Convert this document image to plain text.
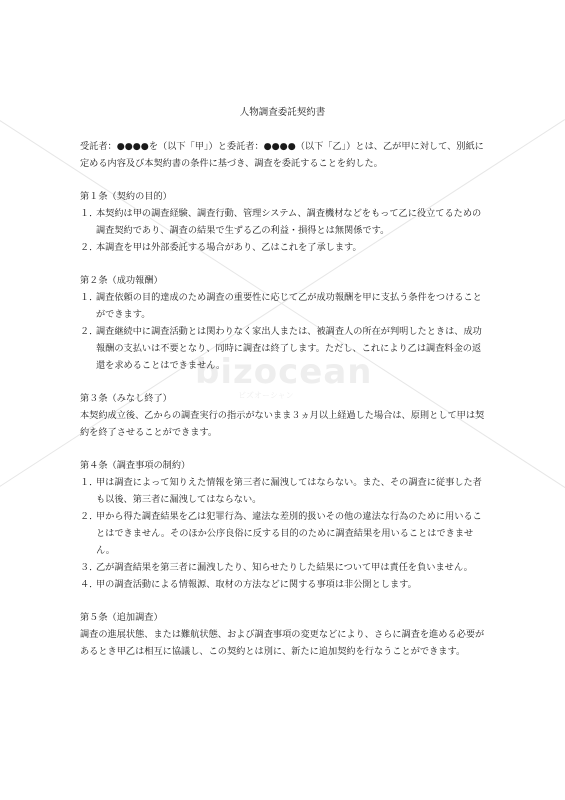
bizocean
ビズオーシャン
人物調査委託契約書

受託者：●●●●を（以下「甲」）と委託者：●●●●（以下「乙」）とは、乙が甲に対して、別紙に定める内容及び本契約書の条件に基づき、調査を委託することを約した。

第１条（契約の目的）

１．
本契約は甲の調査経験、調査行動、管理システム、調査機材などをもって乙に役立てるための調査契約であり、調査の結果で生ずる乙の利益・損得とは無関係です。
２．
本調査を甲は外部委託する場合があり、乙はこれを了承します。

第２条（成功報酬）

１．
調査依頼の目的達成のため調査の重要性に応じて乙が成功報酬を甲に支払う条件をつけることができます。
２．
調査継続中に調査活動とは関わりなく家出人または、被調査人の所在が判明したときは、成功報酬の支払いは不要となり、同時に調査は終了します。ただし、これにより乙は調査料金の返還を求めることはできません。

第３条（みなし終了）

本契約成立後、乙からの調査実行の指示がないまま３ヵ月以上経過した場合は、原則として甲は契約を終了させることができます。

第４条（調査事項の制約）

１．
甲は調査によって知りえた情報を第三者に漏洩してはならない。また、その調査に従事した者も以後、第三者に漏洩してはならない。
２．
甲から得た調査結果を乙は犯罪行為、違法な差別的扱いその他の違法な行為のために用いることはできません。そのほか公序良俗に反する目的のために調査結果を用いることはできません。
３．
乙が調査結果を第三者に漏洩したり、知らせたりした結果について甲は責任を負いません。
４．
甲の調査活動による情報源、取材の方法などに関する事項は非公開とします。

第５条（追加調査）

調査の進展状態、または難航状態、および調査事項の変更などにより、さらに調査を進める必要があるとき甲乙は相互に協議し、この契約とは別に、新たに追加契約を行なうことができます。
